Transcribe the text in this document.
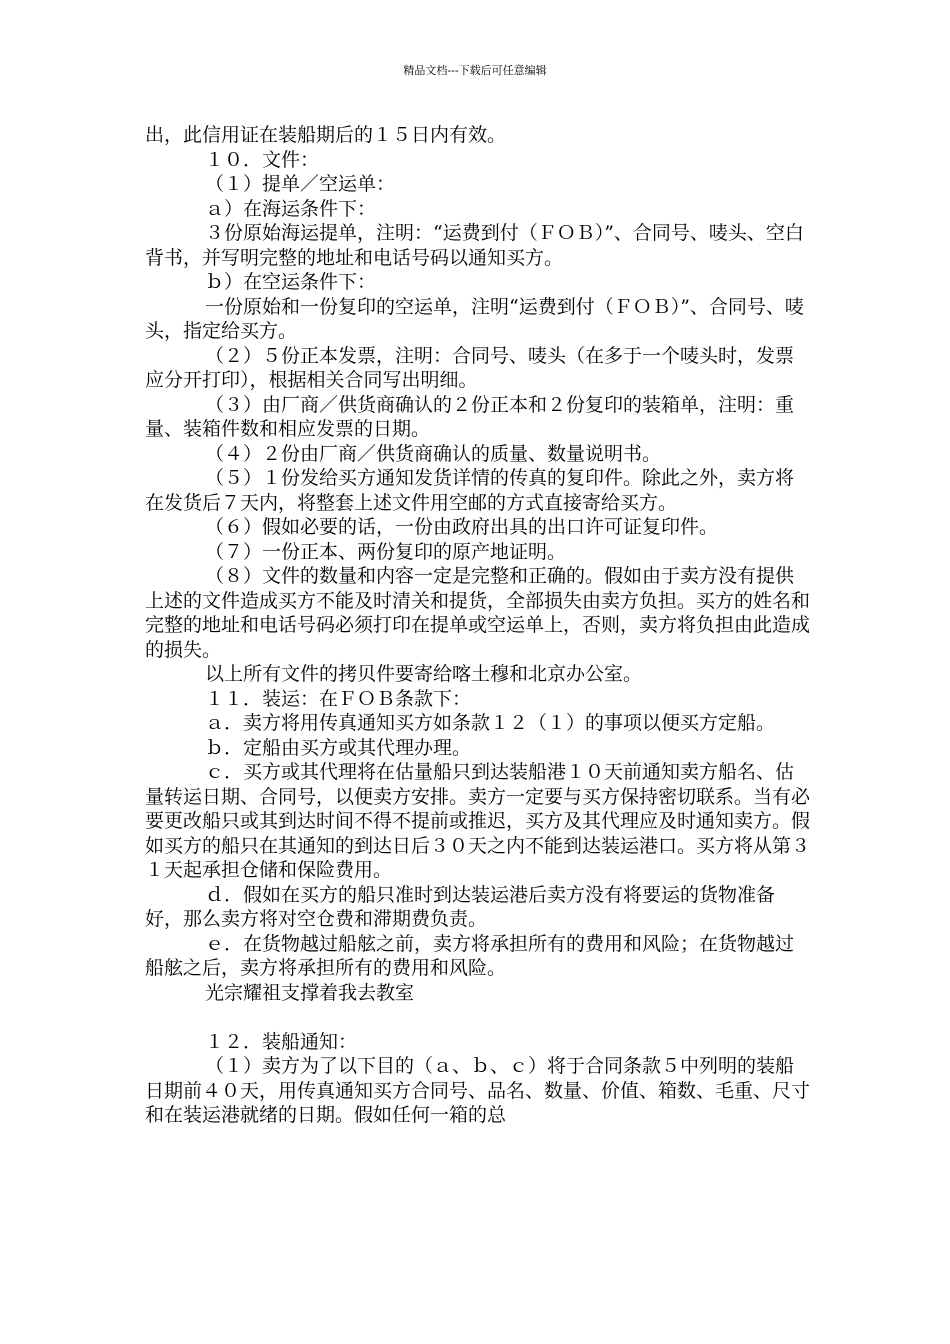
精品文档---下载后可任意编辑

出，此信用证在装船期后的１５日内有效。

１０．文件：

（１）提单／空运单：

ａ）在海运条件下：

３份原始海运提单，注明：“运费到付（ＦＯＢ）”、合同号、唛头、空白背书，并写明完整的地址和电话号码以通知买方。

ｂ）在空运条件下：

一份原始和一份复印的空运单，注明“运费到付（ＦＯＢ）”、合同号、唛头，指定给买方。

（２）５份正本发票，注明：合同号、唛头（在多于一个唛头时，发票应分开打印），根据相关合同写出明细。

（３）由厂商／供货商确认的２份正本和２份复印的装箱单，注明：重量、装箱件数和相应发票的日期。

（４）２份由厂商／供货商确认的质量、数量说明书。

（５）１份发给买方通知发货详情的传真的复印件。除此之外，卖方将在发货后７天内，将整套上述文件用空邮的方式直接寄给买方。

（６）假如必要的话，一份由政府出具的出口许可证复印件。

（７）一份正本、两份复印的原产地证明。

（８）文件的数量和内容一定是完整和正确的。假如由于卖方没有提供上述的文件造成买方不能及时清关和提货，全部损失由卖方负担。买方的姓名和完整的地址和电话号码必须打印在提单或空运单上，否则，卖方将负担由此造成的损失。

以上所有文件的拷贝件要寄给喀土穆和北京办公室。

１１．装运：在ＦＯＢ条款下：

ａ．卖方将用传真通知买方如条款１２（１）的事项以便买方定船。

ｂ．定船由买方或其代理办理。

ｃ．买方或其代理将在估量船只到达装船港１０天前通知卖方船名、估量转运日期、合同号，以便卖方安排。卖方一定要与买方保持密切联系。当有必要更改船只或其到达时间不得不提前或推迟，买方及其代理应及时通知卖方。假如买方的船只在其通知的到达日后３０天之内不能到达装运港口。买方将从第３１天起承担仓储和保险费用。

ｄ．假如在买方的船只准时到达装运港后卖方没有将要运的货物准备好，那么卖方将对空仓费和滞期费负责。

ｅ．在货物越过船舷之前，卖方将承担所有的费用和风险；在货物越过船舷之后，卖方将承担所有的费用和风险。

光宗耀祖支撑着我去教室

１２．装船通知：

（１）卖方为了以下目的（ａ、ｂ、ｃ）将于合同条款５中列明的装船日期前４０天，用传真通知买方合同号、品名、数量、价值、箱数、毛重、尺寸和在装运港就绪的日期。假如任何一箱的总
